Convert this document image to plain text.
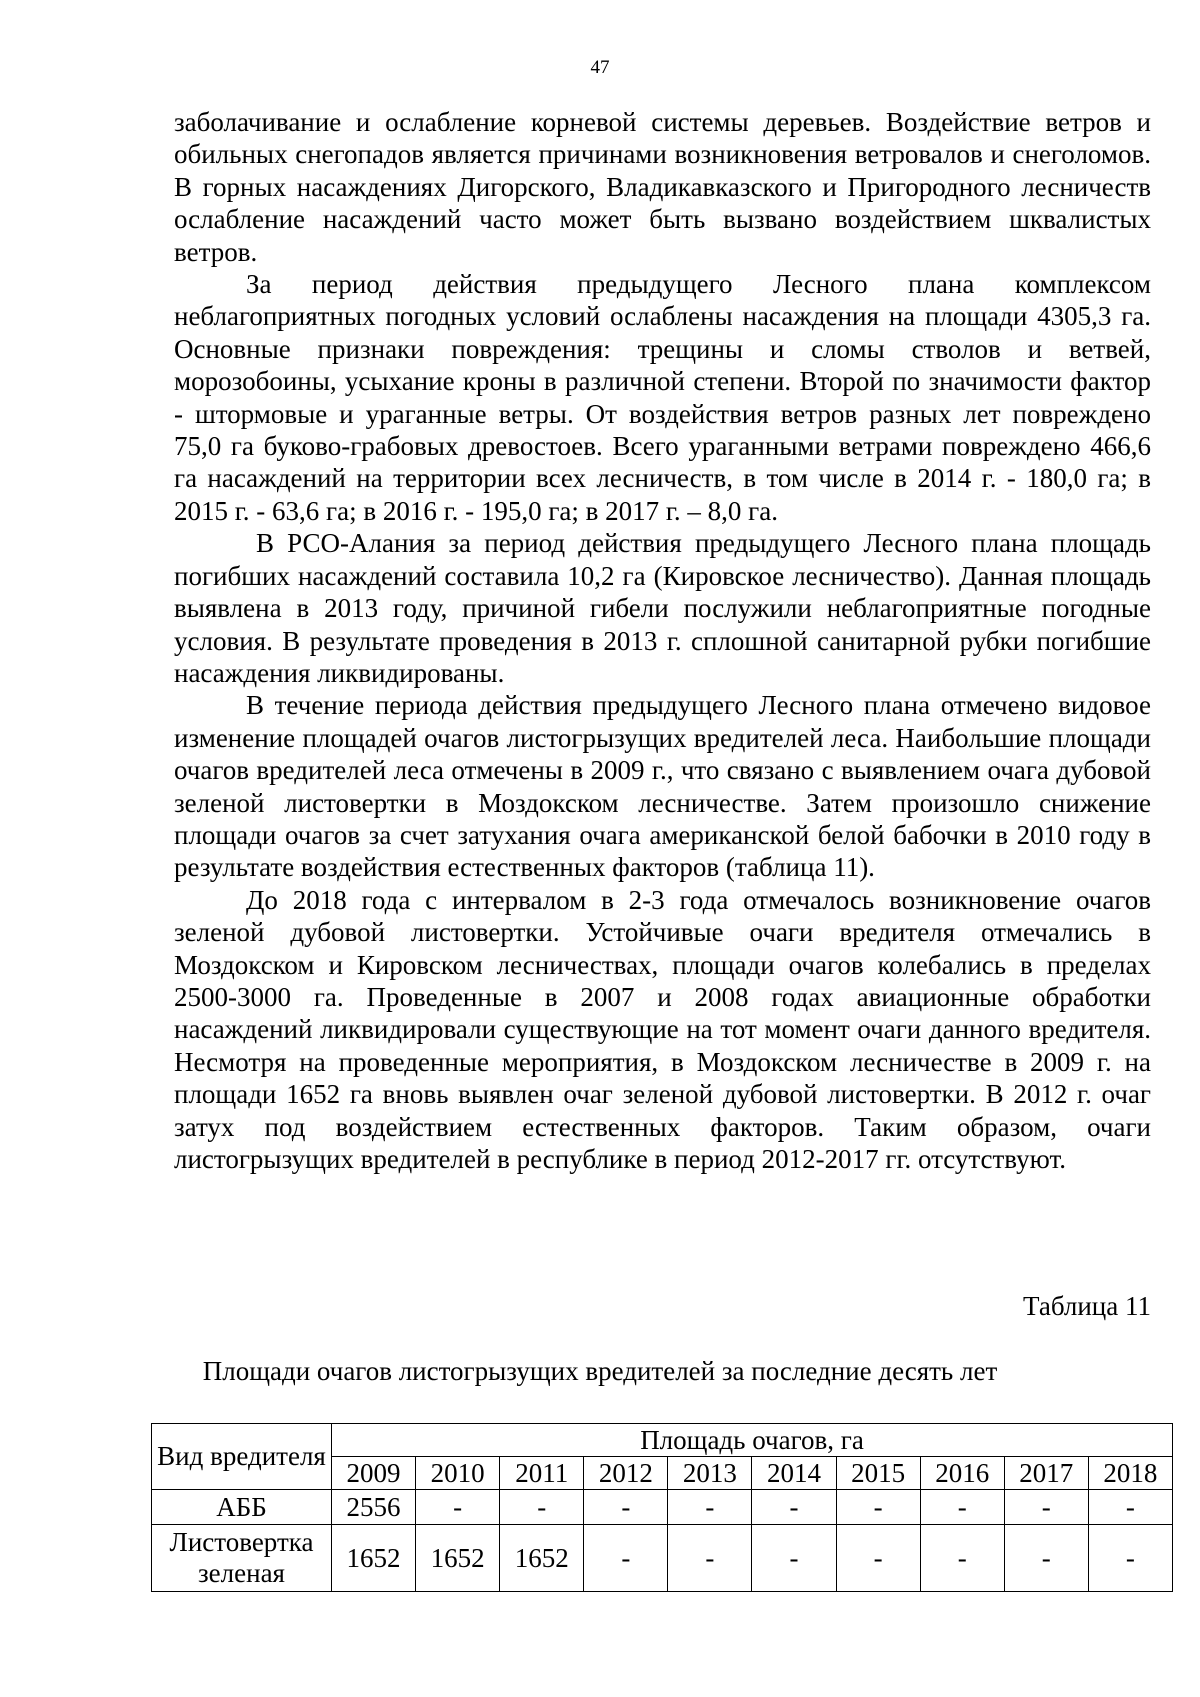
47

заболачивание и ослабление корневой системы деревьев. Воздействие ветров и обильных снегопадов является причинами возникновения ветровалов и снеголомов. В горных насаждениях Дигорского, Владикавказского и Пригородного лесничеств ослабление насаждений часто может быть вызвано воздействием шквалистых ветров.

За период действия предыдущего Лесного плана комплексом неблагоприятных погодных условий ослаблены насаждения на площади 4305,3 га. Основные признаки повреждения: трещины и сломы стволов и ветвей, морозобоины, усыхание кроны в различной степени. Второй по значимости фактор - штормовые и ураганные ветры. От воздействия ветров разных лет повреждено 75,0 га буково-грабовых древостоев. Всего ураганными ветрами повреждено 466,6 га насаждений на территории всех лесничеств, в том числе в 2014 г. - 180,0 га; в 2015 г. - 63,6 га; в 2016 г. - 195,0 га; в 2017 г. – 8,0 га.

В РСО-Алания за период действия предыдущего Лесного плана площадь погибших насаждений составила 10,2 га (Кировское лесничество). Данная площадь выявлена в 2013 году, причиной гибели послужили неблагоприятные погодные условия. В результате проведения в 2013 г. сплошной санитарной рубки погибшие насаждения ликвидированы.

В течение периода действия предыдущего Лесного плана отмечено видовое изменение площадей очагов листогрызущих вредителей леса. Наибольшие площади очагов вредителей леса отмечены в 2009 г., что связано с выявлением очага дубовой зеленой листовертки в Моздокском лесничестве. Затем произошло снижение площади очагов за счет затухания очага американской белой бабочки в 2010 году в результате воздействия естественных факторов (таблица 11).

До 2018 года с интервалом в 2-3 года отмечалось возникновение очагов зеленой дубовой листовертки. Устойчивые очаги вредителя отмечались в Моздокском и Кировском лесничествах, площади очагов колебались в пределах 2500-3000 га. Проведенные в 2007 и 2008 годах авиационные обработки насаждений ликвидировали существующие на тот момент очаги данного вредителя. Несмотря на проведенные мероприятия, в Моздокском лесничестве в 2009 г. на площади 1652 га вновь выявлен очаг зеленой дубовой листовертки. В 2012 г. очаг затух под воздействием естественных факторов. Таким образом, очаги листогрызущих вредителей в республике в период 2012-2017 гг. отсутствуют.

Таблица 11
Площади очагов листогрызущих вредителей за последние десять лет
Вид вредителя	Площадь очагов, га									
	2009	2010	2011	2012	2013	2014	2015	2016	2017	2018
АББ	2556	-	-	-	-	-	-	-	-	-
Листовертка зеленая	1652	1652	1652	-	-	-	-	-	-	-
